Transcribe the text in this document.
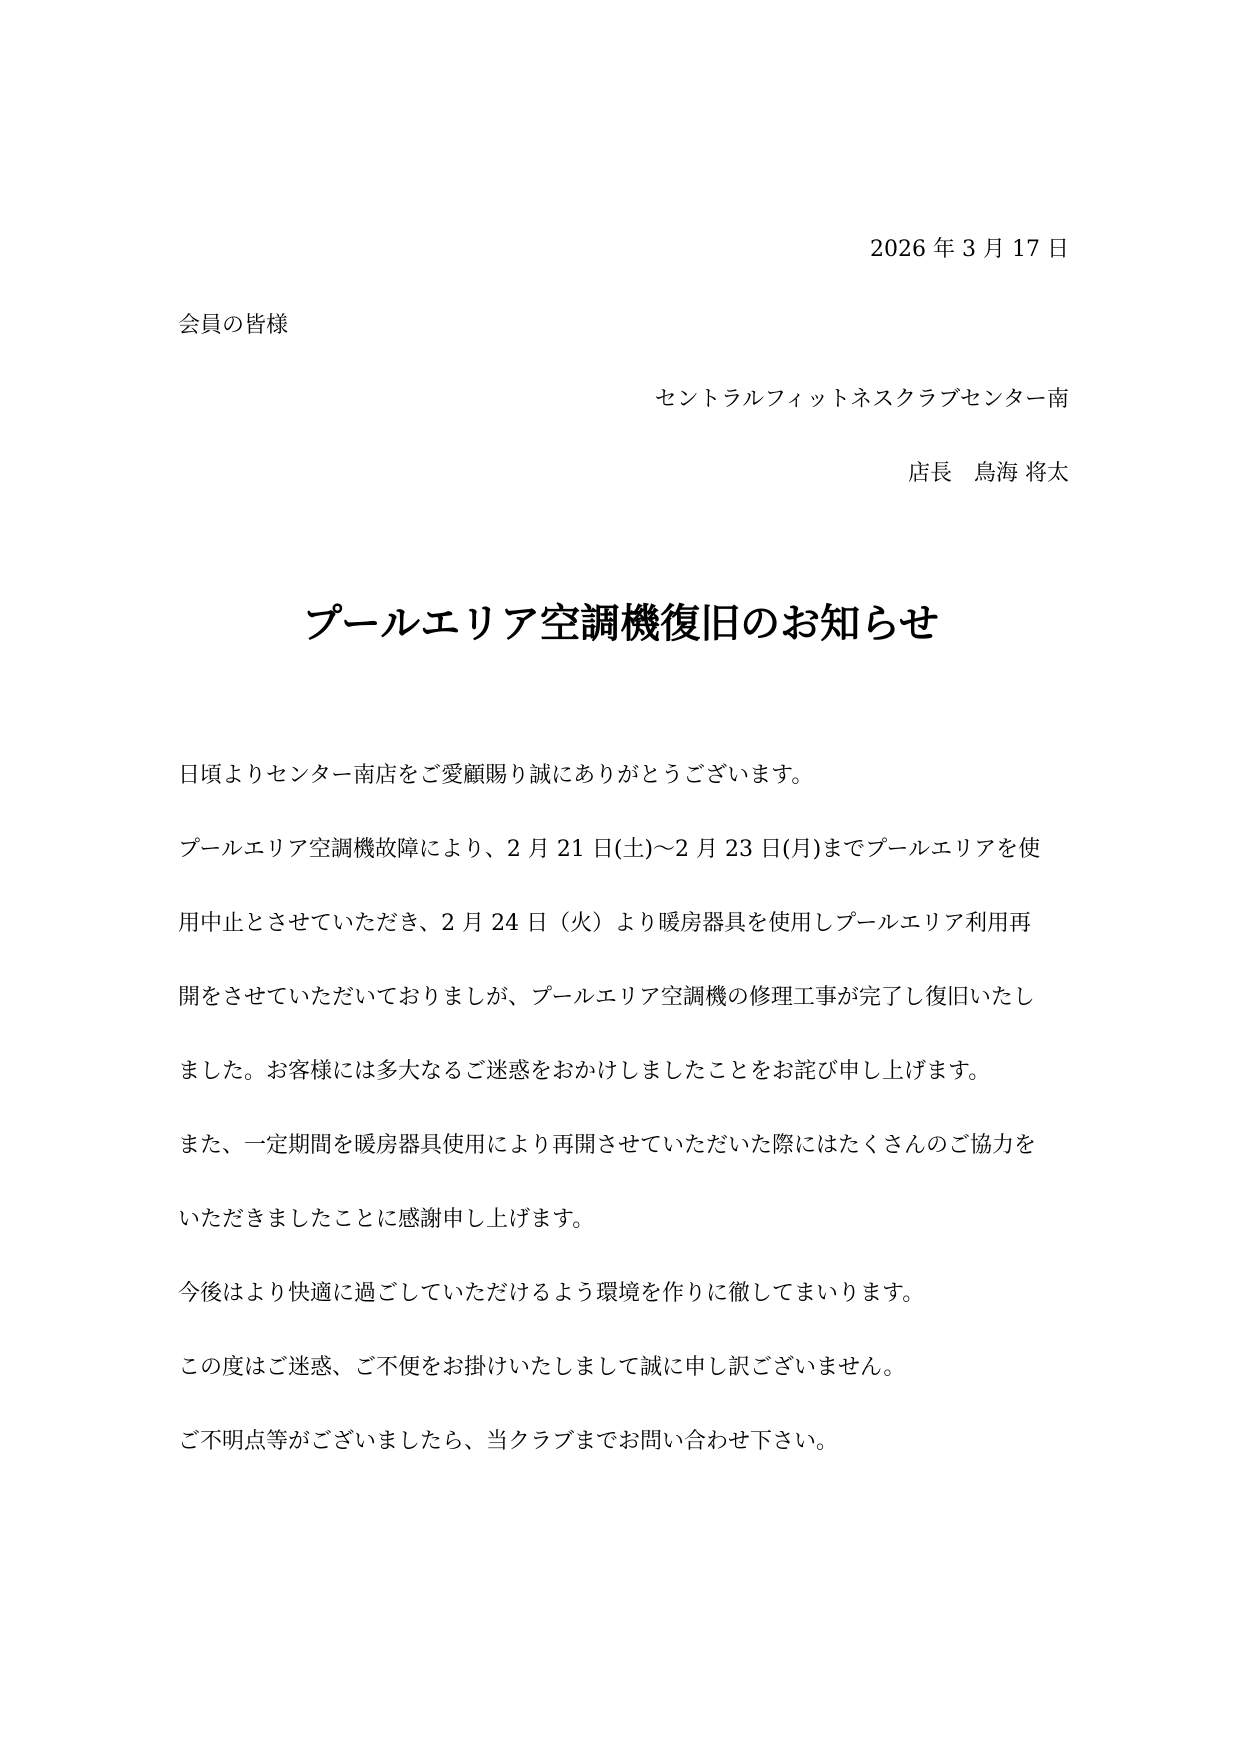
2026 年 3 月 17 日
会員の皆様
セントラルフィットネスクラブセンター南
店長　鳥海 将太
プールエリア空調機復旧のお知らせ
日頃よりセンター南店をご愛顧賜り誠にありがとうございます。
プールエリア空調機故障により、2 月 21 日(土)～2 月 23 日(月)までプールエリアを使
用中止とさせていただき、2 月 24 日（火）より暖房器具を使用しプールエリア利用再
開をさせていただいておりましが、プールエリア空調機の修理工事が完了し復旧いたし
ました。お客様には多大なるご迷惑をおかけしましたことをお詫び申し上げます。
また、一定期間を暖房器具使用により再開させていただいた際にはたくさんのご協力を
いただきましたことに感謝申し上げます。
今後はより快適に過ごしていただけるよう環境を作りに徹してまいります。
この度はご迷惑、ご不便をお掛けいたしまして誠に申し訳ございません。
ご不明点等がございましたら、当クラブまでお問い合わせ下さい。
